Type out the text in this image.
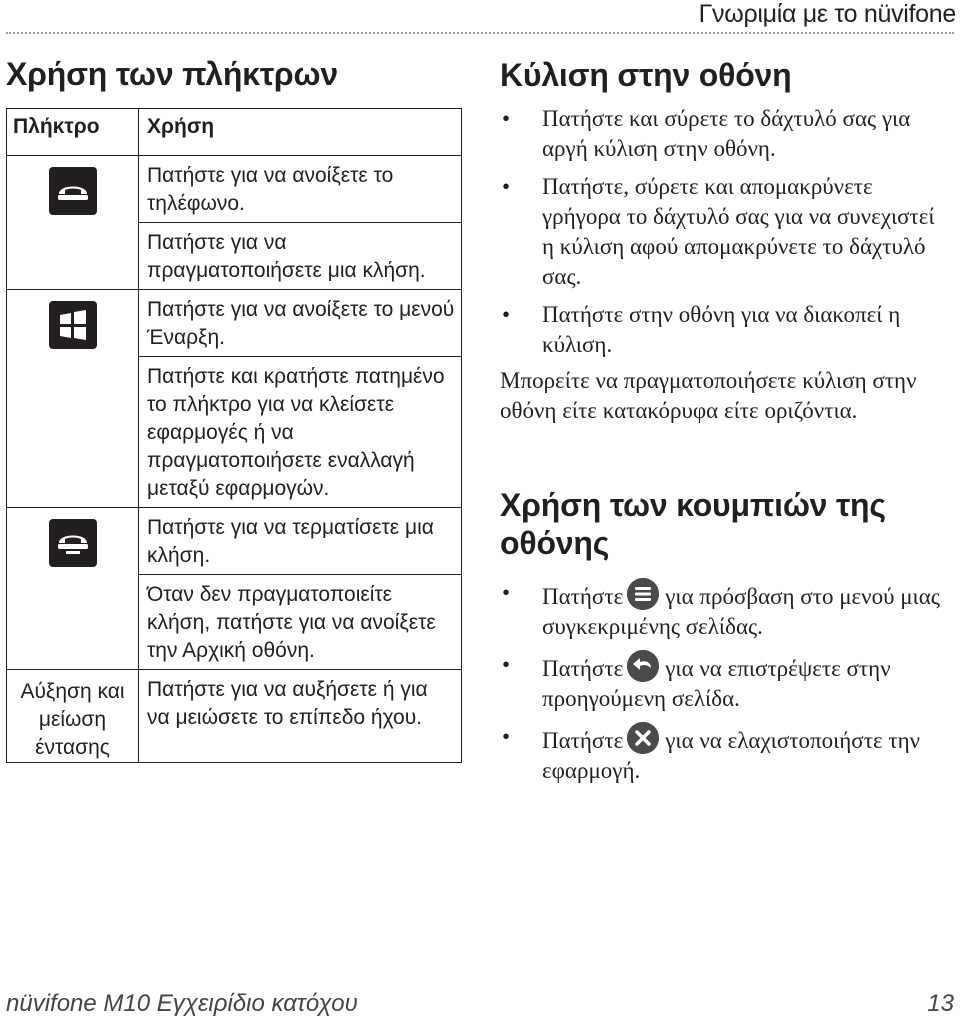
Γνωριμία με το nüvifone
Χρήση των πλήκτρων
Πλήκτρο	Χρήση

	Πατήστε για να ανοίξετε το τηλέφωνο.
	Πατήστε για να πραγματοποιήσετε μια κλήση.

	Πατήστε για να ανοίξετε το μενού Έναρξη.
	Πατήστε και κρατήστε πατημένο το πλήκτρο για να κλείσετε εφαρμογές ή να πραγματοποιήσετε εναλλαγή μεταξύ εφαρμογών.

	Πατήστε για να τερματίσετε μια κλήση.
	Όταν δεν πραγματοποιείτε κλήση, πατήστε για να ανοίξετε την Αρχική οθόνη.
Αύξηση και μείωση έντασης	Πατήστε για να αυξήσετε ή για να μειώσετε το επίπεδο ήχου.
Κύλιση στην οθόνη
• Πατήστε και σύρετε το δάχτυλό σας για αργή κύλιση στην οθόνη.
• Πατήστε, σύρετε και απομακρύνετε γρήγορα το δάχτυλό σας για να συνεχιστεί η κύλιση αφού απομακρύνετε το δάχτυλό σας.
• Πατήστε στην οθόνη για να διακοπεί η κύλιση.
Μπορείτε να πραγματοποιήσετε κύλιση στην οθόνη είτε κατακόρυφα είτε οριζόντια.
Χρήση των κουμπιών της οθόνης
• Πατήστε για πρόσβαση στο μενού μιας συγκεκριμένης σελίδας.
• Πατήστε για να επιστρέψετε στην προηγούμενη σελίδα.
• Πατήστε για να ελαχιστοποιήστε την εφαρμογή.
nüvifone M10 Εγχειρίδιο κατόχου	13
